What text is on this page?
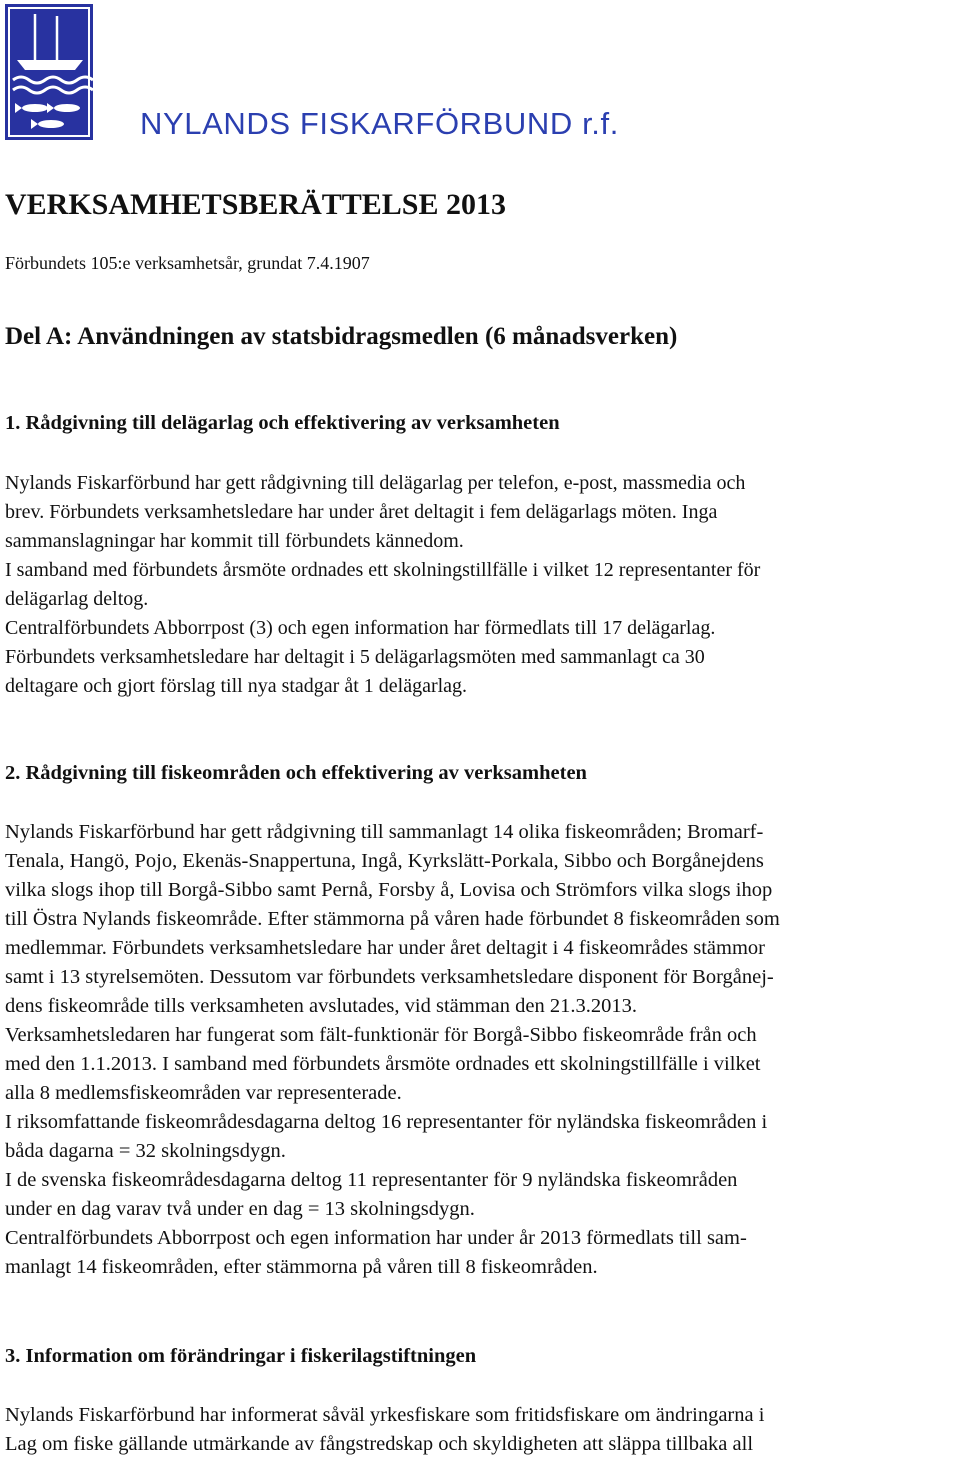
NYLANDS FISKARFÖRBUND r.f.
VERKSAMHETSBERÄTTELSE 2013

Förbundets 105:e verksamhetsår, grundat 7.4.1907

Del A: Användningen av statsbidragsmedlen (6 månadsverken)
1. Rådgivning till delägarlag och effektivering av verksamheten

Nylands Fiskarförbund har gett rådgivning till delägarlag per telefon, e-post, massmedia och
brev. Förbundets verksamhetsledare har under året deltagit i fem delägarlags möten. Inga
sammanslagningar har kommit till förbundets kännedom.

I samband med förbundets årsmöte ordnades ett skolningstillfälle i vilket 12 representanter för
delägarlag deltog.

Centralförbundets Abborrpost (3) och egen information har förmedlats till 17 delägarlag.

Förbundets verksamhetsledare har deltagit i 5 delägarlagsmöten med sammanlagt ca 30
deltagare och gjort förslag till nya stadgar åt 1 delägarlag.

2. Rådgivning till fiskeområden och effektivering av verksamheten

Nylands Fiskarförbund har gett rådgivning till sammanlagt 14 olika fiskeområden; Bromarf-
Tenala, Hangö, Pojo, Ekenäs-Snappertuna, Ingå, Kyrkslätt-Porkala, Sibbo och Borgånejdens
vilka slogs ihop till Borgå-Sibbo samt Pernå, Forsby å, Lovisa och Strömfors vilka slogs ihop
till Östra Nylands fiskeområde. Efter stämmorna på våren hade förbundet 8 fiskeområden som
medlemmar. Förbundets verksamhetsledare har under året deltagit i 4 fiskeområdes stämmor
samt i 13 styrelsemöten. Dessutom var förbundets verksamhetsledare disponent för Borgånej-
dens fiskeområde tills verksamheten avslutades, vid stämman den 21.3.2013.

Verksamhetsledaren har fungerat som fält-funktionär för Borgå-Sibbo fiskeområde från och
med den 1.1.2013. I samband med förbundets årsmöte ordnades ett skolningstillfälle i vilket
alla 8 medlemsfiskeområden var representerade.

I riksomfattande fiskeområdesdagarna deltog 16 representanter för nyländska fiskeområden i
båda dagarna = 32 skolningsdygn.

I de svenska fiskeområdesdagarna deltog 11 representanter för 9 nyländska fiskeområden
under en dag varav två under en dag = 13 skolningsdygn.

Centralförbundets Abborrpost och egen information har under år 2013 förmedlats till sam-
manlagt 14 fiskeområden, efter stämmorna på våren till 8 fiskeområden.

3. Information om förändringar i fiskerilagstiftningen

Nylands Fiskarförbund har informerat såväl yrkesfiskare som fritidsfiskare om ändringarna i
Lag om fiske gällande utmärkande av fångstredskap och skyldigheten att släppa tillbaka all
